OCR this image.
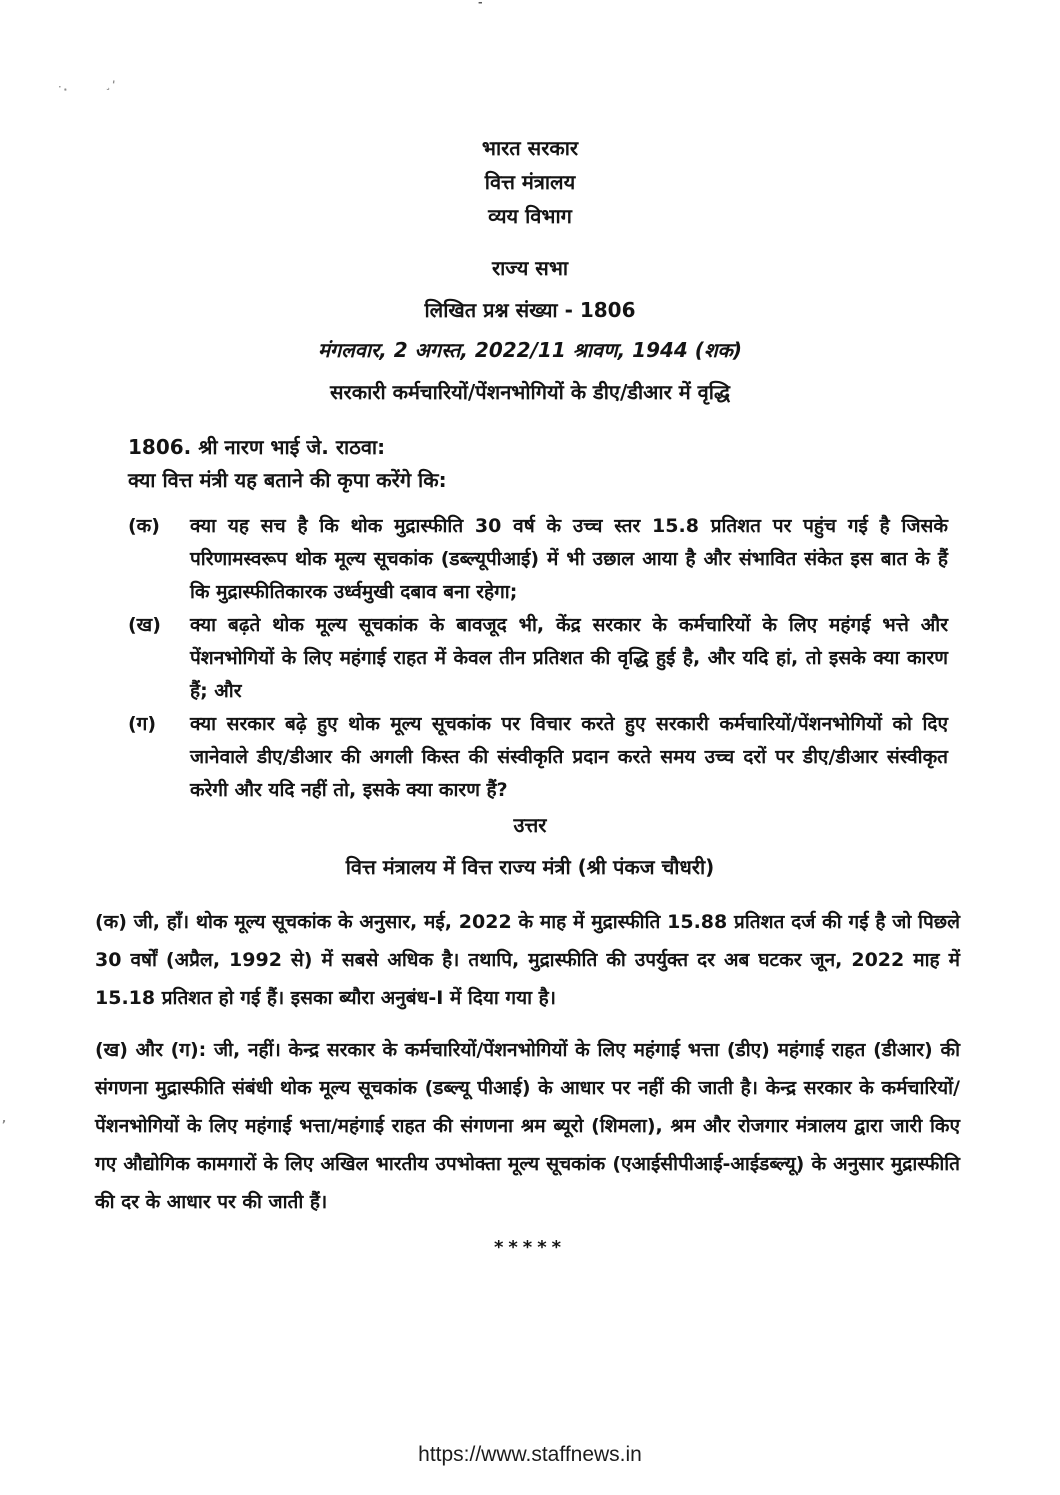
˙·	¸'
-
,
भारत सरकार
वित्त मंत्रालय
व्यय विभाग
राज्य सभा
लिखित प्रश्न संख्या - 1806
मंगलवार, 2 अगस्त, 2022/11 श्रावण, 1944 (शक)
सरकारी कर्मचारियों/पेंशनभोगियों के डीए/डीआर में वृद्धि
1806. श्री नारण भाई जे. राठवा:
क्या वित्त मंत्री यह बताने की कृपा करेंगे कि:
(क)	क्या यह सच है कि थोक मुद्रास्फीति 30 वर्ष के उच्च स्तर 15.8 प्रतिशत पर पहुंच गई है जिसके परिणामस्वरूप थोक मूल्य सूचकांक (डब्ल्यूपीआई) में भी उछाल आया है और संभावित संकेत इस बात के हैं कि मुद्रास्फीतिकारक उर्ध्वमुखी दबाव बना रहेगा;
(ख)	क्या बढ़ते थोक मूल्य सूचकांक के बावजूद भी, केंद्र सरकार के कर्मचारियों के लिए महंगई भत्ते और पेंशनभोगियों के लिए महंगाई राहत में केवल तीन प्रतिशत की वृद्धि हुई है, और यदि हां, तो इसके क्या कारण हैं; और
(ग)	क्या सरकार बढ़े हुए थोक मूल्य सूचकांक पर विचार करते हुए सरकारी कर्मचारियों/पेंशनभोगियों को दिए जानेवाले डीए/डीआर की अगली किस्त की संस्वीकृति प्रदान करते समय उच्च दरों पर डीए/डीआर संस्वीकृत करेगी और यदि नहीं तो, इसके क्या कारण हैं?
उत्तर
वित्त मंत्रालय में वित्त राज्य मंत्री (श्री पंकज चौधरी)
(क) जी, हाँ। थोक मूल्य सूचकांक के अनुसार, मई, 2022 के माह में मुद्रास्फीति 15.88 प्रतिशत दर्ज की गई है जो पिछले 30 वर्षों (अप्रैल, 1992 से) में सबसे अधिक है। तथापि, मुद्रास्फीति की उपर्युक्त दर अब घटकर जून, 2022 माह में 15.18 प्रतिशत हो गई हैं। इसका ब्यौरा अनुबंध-I में दिया गया है।
(ख) और (ग): जी, नहीं। केन्द्र सरकार के कर्मचारियों/पेंशनभोगियों के लिए महंगाई भत्ता (डीए) महंगाई राहत (डीआर) की संगणना मुद्रास्फीति संबंधी थोक मूल्य सूचकांक (डब्ल्यू पीआई) के आधार पर नहीं की जाती है। केन्द्र सरकार के कर्मचारियों/पेंशनभोगियों के लिए महंगाई भत्ता/महंगाई राहत की संगणना श्रम ब्यूरो (शिमला), श्रम और रोजगार मंत्रालय द्वारा जारी किए गए औद्योगिक कामगारों के लिए अखिल भारतीय उपभोक्ता मूल्य सूचकांक (एआईसीपीआई-आईडब्ल्यू) के अनुसार मुद्रास्फीति की दर के आधार पर की जाती हैं।
*****
https://www.staffnews.in
